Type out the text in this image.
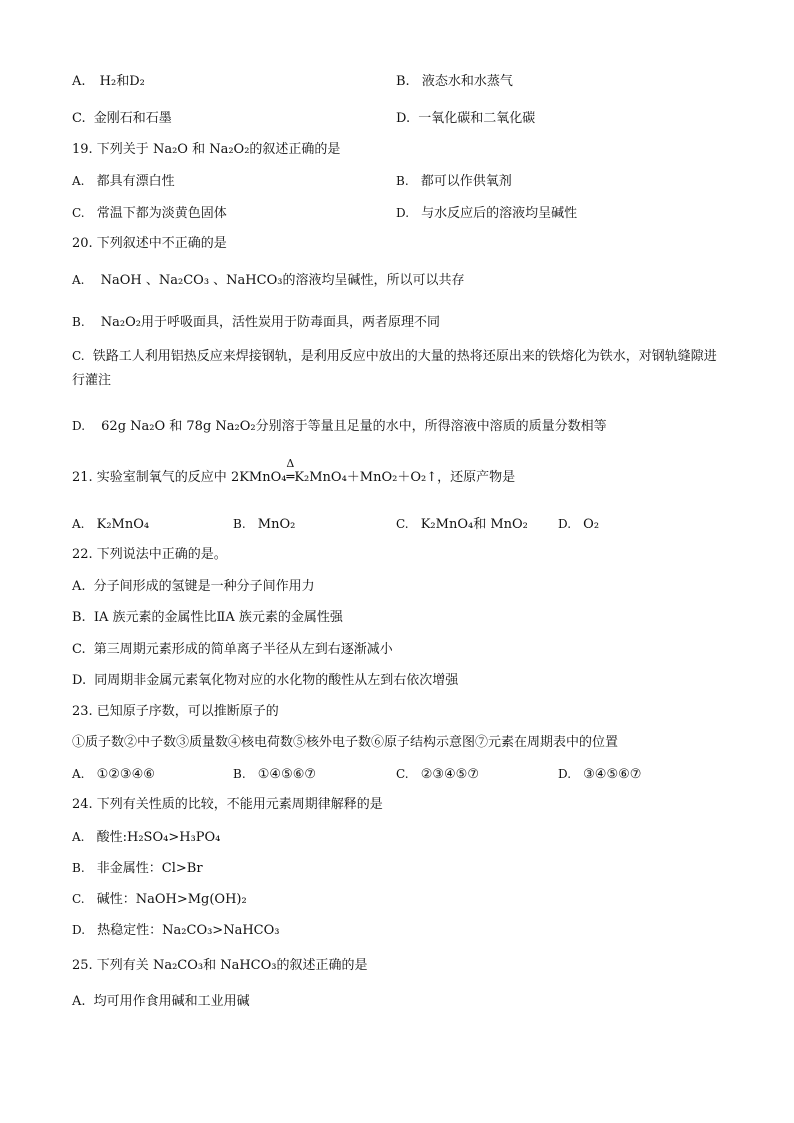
A. H₂和D₂	B. 液态水和水蒸气
C. 金刚石和石墨	D. 一氧化碳和二氧化碳
19. 下列关于 Na₂O 和 Na₂O₂的叙述正确的是
A. 都具有漂白性	B. 都可以作供氧剂
C. 常温下都为淡黄色固体	D. 与水反应后的溶液均呈碱性
20. 下列叙述中不正确的是
A. NaOH 、Na₂CO₃ 、NaHCO₃的溶液均呈碱性，所以可以共存
B. Na₂O₂用于呼吸面具，活性炭用于防毒面具，两者原理不同
C. 铁路工人利用铝热反应来焊接钢轨，是利用反应中放出的大量的热将还原出来的铁熔化为铁水，对钢轨缝隙进行灌注
D. 62g Na₂O 和 78g Na₂O₂分别溶于等量且足量的水中，所得溶液中溶质的质量分数相等
21. 实验室制氧气的反应中 2KMnO₄
Δ
═K₂MnO₄＋MnO₂＋O₂↑，还原产物是
A. K₂MnO₄	B. MnO₂	C. K₂MnO₄和 MnO₂	D. O₂
22. 下列说法中正确的是。
A. 分子间形成的氢键是一种分子间作用力
B. ⅠA 族元素的金属性比ⅡA 族元素的金属性强
C. 第三周期元素形成的简单离子半径从左到右逐渐减小
D. 同周期非金属元素氧化物对应的水化物的酸性从左到右依次增强
23. 已知原子序数，可以推断原子的
①质子数②中子数③质量数④核电荷数⑤核外电子数⑥原子结构示意图⑦元素在周期表中的位置
A. ①②③④⑥	B. ①④⑤⑥⑦	C. ②③④⑤⑦	D. ③④⑤⑥⑦
24. 下列有关性质的比较，不能用元素周期律解释的是
A. 酸性:H₂SO₄>H₃PO₄
B. 非金属性：Cl>Br
C. 碱性：NaOH>Mg(OH)₂
D. 热稳定性：Na₂CO₃>NaHCO₃
25. 下列有关 Na₂CO₃和 NaHCO₃的叙述正确的是
A. 均可用作食用碱和工业用碱
